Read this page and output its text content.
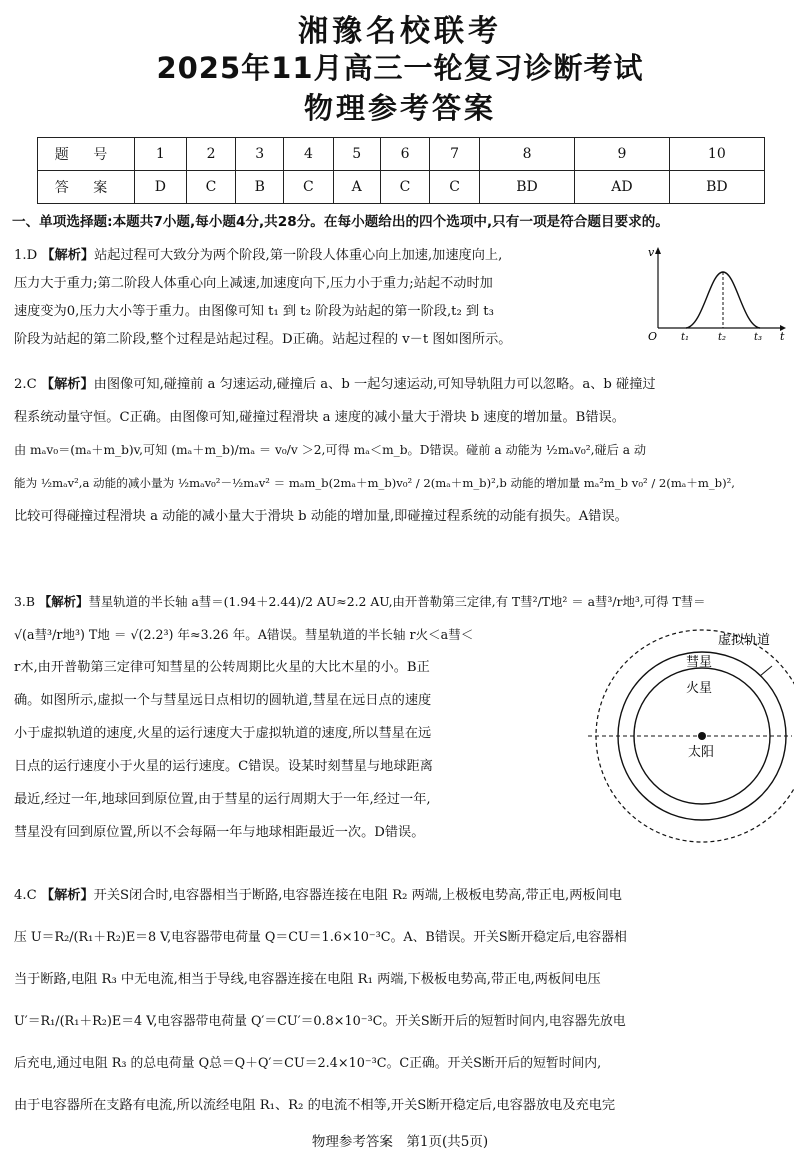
湘豫名校联考
2025年11月高三一轮复习诊断考试
物理参考答案
题 号	1	2	3	4	5	6	7	8	9	10
答 案	D	C	B	C	A	C	C	BD	AD	BD
一、单项选择题:本题共7小题,每小题4分,共28分。在每小题给出的四个选项中,只有一项是符合题目要求的。

1.D 【解析】站起过程可大致分为两个阶段,第一阶段人体重心向上加速,加速度向上,

压力大于重力;第二阶段人体重心向上减速,加速度向下,压力小于重力;站起不动时加

速度变为0,压力大小等于重力。由图像可知 t₁ 到 t₂ 阶段为站起的第一阶段,t₂ 到 t₃

阶段为站起的第二阶段,整个过程是站起过程。D正确。站起过程的 v－t 图如图所示。

v
t
O t₁	t₂	t₃

2.C 【解析】由图像可知,碰撞前 a 匀速运动,碰撞后 a、b 一起匀速运动,可知导轨阻力可以忽略。a、b 碰撞过

程系统动量守恒。C正确。由图像可知,碰撞过程滑块 a 速度的减小量大于滑块 b 速度的增加量。B错误。

由 mₐv₀＝(mₐ＋m_b)v,可知 (mₐ＋m_b)/mₐ ＝ v₀/v ＞2,可得 mₐ＜m_b。D错误。碰前 a 动能为 ½mₐv₀²,碰后 a 动

能为 ½mₐv²,a 动能的减小量为 ½mₐv₀²－½mₐv² ＝ mₐm_b(2mₐ＋m_b)v₀² / 2(mₐ＋m_b)²,b 动能的增加量 mₐ²m_b v₀² / 2(mₐ＋m_b)²,

比较可得碰撞过程滑块 a 动能的减小量大于滑块 b 动能的增加量,即碰撞过程系统的动能有损失。A错误。

3.B 【解析】彗星轨道的半长轴 a彗＝(1.94＋2.44)/2 AU≈2.2 AU,由开普勒第三定律,有 T彗²/T地² ＝ a彗³/r地³,可得 T彗＝

√(a彗³/r地³) T地 ＝ √(2.2³) 年≈3.26 年。A错误。彗星轨道的半长轴 r火＜a彗＜

r木,由开普勒第三定律可知彗星的公转周期比火星的大比木星的小。B正

确。如图所示,虚拟一个与彗星远日点相切的圆轨道,彗星在远日点的速度

小于虚拟轨道的速度,火星的运行速度大于虚拟轨道的速度,所以彗星在远

日点的运行速度小于火星的运行速度。C错误。设某时刻彗星与地球距离

最近,经过一年,地球回到原位置,由于彗星的运行周期大于一年,经过一年,

彗星没有回到原位置,所以不会每隔一年与地球相距最近一次。D错误。

虚拟轨道
彗星
火星
太阳

4.C 【解析】开关S闭合时,电容器相当于断路,电容器连接在电阻 R₂ 两端,上极板电势高,带正电,两板间电

压 U＝R₂/(R₁＋R₂)E＝8 V,电容器带电荷量 Q＝CU＝1.6×10⁻³C。A、B错误。开关S断开稳定后,电容器相

当于断路,电阻 R₃ 中无电流,相当于导线,电容器连接在电阻 R₁ 两端,下极板电势高,带正电,两板间电压

U′＝R₁/(R₁＋R₂)E＝4 V,电容器带电荷量 Q′＝CU′＝0.8×10⁻³C。开关S断开后的短暂时间内,电容器先放电

后充电,通过电阻 R₃ 的总电荷量 Q总＝Q＋Q′＝CU＝2.4×10⁻³C。C正确。开关S断开后的短暂时间内,

由于电容器所在支路有电流,所以流经电阻 R₁、R₂ 的电流不相等,开关S断开稳定后,电容器放电及充电完

物理参考答案　第1页(共5页)
